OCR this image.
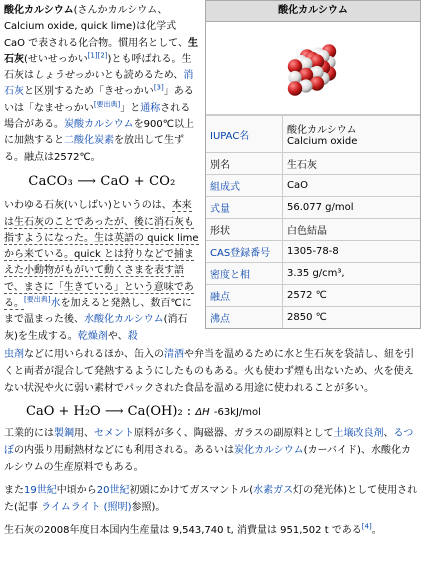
酸化カルシウム(さんかカルシウム、Calcium oxide, quick lime)は化学式 CaO で表される化合物。慣用名として、生石灰(せいせっかい[1][2])とも呼ばれる。生石灰はしょうせっかいとも読めるため、消石灰と区別するため「きせっかい[3]」あるいは「なませっかい[要出典]」と通称される場合がある。炭酸カルシウムを900℃以上に加熱すると二酸化炭素を放出して生ずる。融点は2572℃。

CaCO₃ ⟶ CaO + CO₂

いわゆる石灰(いしばい)というのは、本来は生石灰のことであったが、後に消石灰も指すようになった。生は英語の quick lime から来ている。quick とは狩りなどで捕まえた小動物がもがいて動くさまを表す語で、まさに「生きている」という意味である。[要出典]水を加えると発熱し、数百℃にまで温まった後、水酸化カルシウム(消石灰)を生成する。乾燥剤や、殺

酸化カルシウム
IUPAC名	酸化カルシウム
Calcium oxide
別名	生石灰
組成式	CaO
式量	56.077 g/mol
形状	白色結晶
CAS登録番号	1305-78-8
密度と相	3.35 g/cm³,
融点	2572 ℃
沸点	2850 ℃

虫剤などに用いられるほか、缶入の清酒や弁当を温めるために水と生石灰を袋詰し、紐を引くと両者が混合して発熱するようにしたものもある。火も使わず煙も出ないため、火を使えない状況や火に弱い素材でパックされた食品を温める用途に使われることが多い。

CaO + H₂O ⟶ Ca(OH)₂ : ΔH -63kJ/mol

工業的には製鋼用、セメント原料が多く、陶磁器、ガラスの副原料として土壌改良剤、るつぼの内張り用耐熱材などにも利用される。あるいは炭化カルシウム(カーバイド)、水酸化カルシウムの生産原料でもある。

また19世紀中頃から20世紀初頭にかけてガスマントル(水素ガス灯の発光体)として使用された(記事 ライムライト (照明)参照)。

生石灰の2008年度日本国内生産量は 9,543,740 t, 消費量は 951,502 t である[4]。
